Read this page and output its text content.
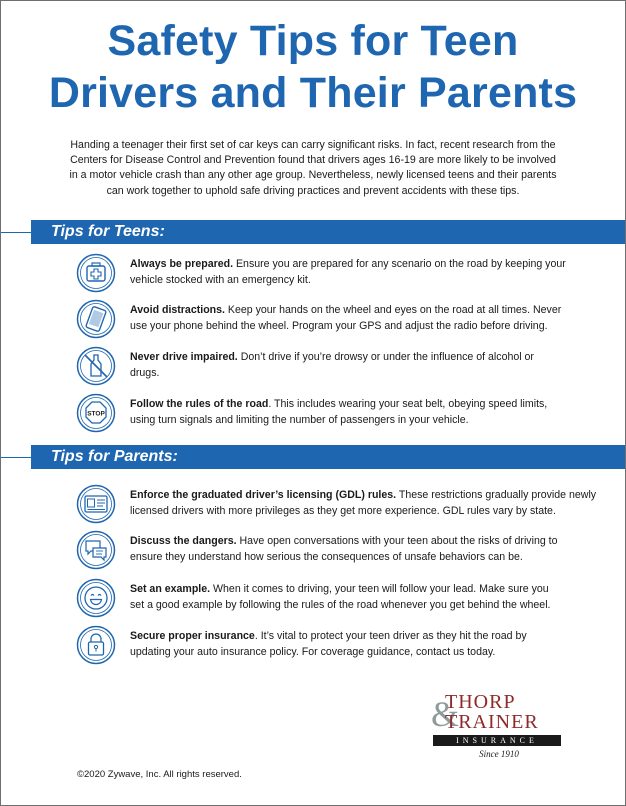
Safety Tips for Teen
Drivers and Their Parents
Handing a teenager their first set of car keys can carry significant risks. In fact, recent research from the
Centers for Disease Control and Prevention found that drivers ages 16-19 are more likely to be involved
in a motor vehicle crash than any other age group. Nevertheless, newly licensed teens and their parents
can work together to uphold safe driving practices and prevent accidents with these tips.
Tips for Teens:
Always be prepared. Ensure you are prepared for any scenario on the road by keeping your
vehicle stocked with an emergency kit.
Avoid distractions. Keep your hands on the wheel and eyes on the road at all times. Never
use your phone behind the wheel. Program your GPS and adjust the radio before driving.
Never drive impaired. Don’t drive if you’re drowsy or under the influence of alcohol or
drugs.
STOP
Follow the rules of the road. This includes wearing your seat belt, obeying speed limits,
using turn signals and limiting the number of passengers in your vehicle.
Tips for Parents:
Enforce the graduated driver’s licensing (GDL) rules. These restrictions gradually provide newly
licensed drivers with more privileges as they get more experience. GDL rules vary by state.
Discuss the dangers. Have open conversations with your teen about the risks of driving to
ensure they understand how serious the consequences of unsafe behaviors can be.
Set an example. When it comes to driving, your teen will follow your lead. Make sure you
set a good example by following the rules of the road whenever you get behind the wheel.
Secure proper insurance. It’s vital to protect your teen driver as they hit the road by
updating your auto insurance policy. For coverage guidance, contact us today.
&
THORP
TRAINER
INSURANCE
Since 1910
©2020 Zywave, Inc. All rights reserved.
